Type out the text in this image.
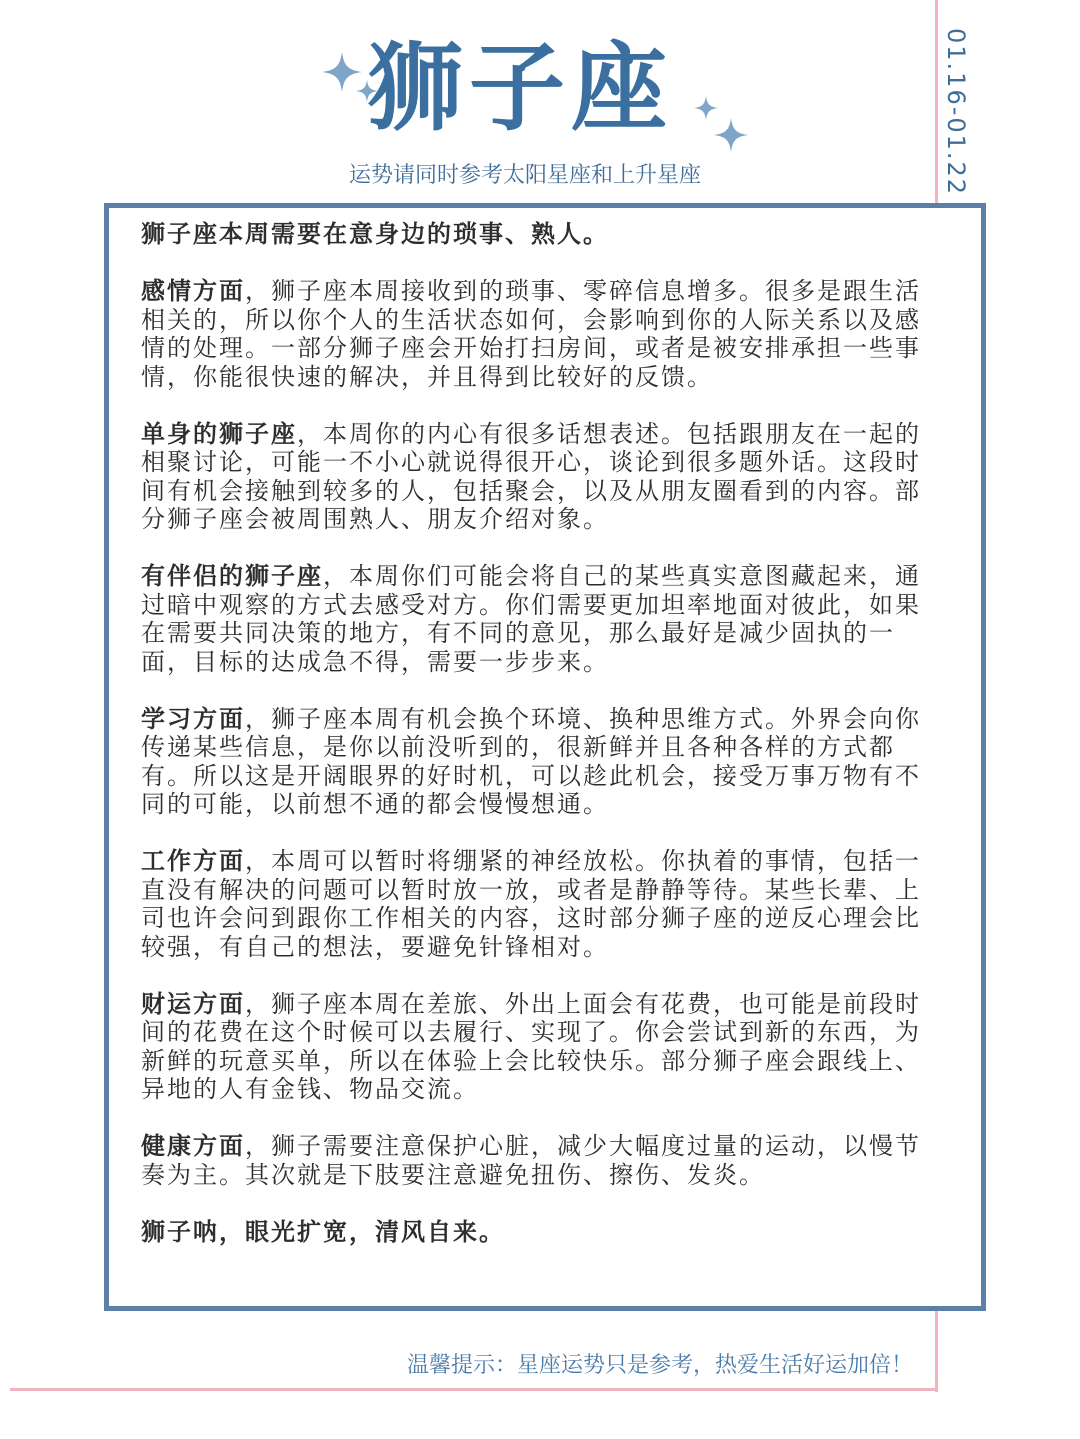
狮子座
运势请同时参考太阳星座和上升星座	01.16-01.22

狮子座本周需要在意身边的琐事、熟人。

感情方面，狮子座本周接收到的琐事、零碎信息增多。很多是跟生活相关的，所以你个人的生活状态如何，会影响到你的人际关系以及感情的处理。一部分狮子座会开始打扫房间，或者是被安排承担一些事情，你能很快速的解决，并且得到比较好的反馈。

单身的狮子座，本周你的内心有很多话想表述。包括跟朋友在一起的相聚讨论，可能一不小心就说得很开心，谈论到很多题外话。这段时间有机会接触到较多的人，包括聚会，以及从朋友圈看到的内容。部分狮子座会被周围熟人、朋友介绍对象。

有伴侣的狮子座，本周你们可能会将自己的某些真实意图藏起来，通过暗中观察的方式去感受对方。你们需要更加坦率地面对彼此，如果在需要共同决策的地方，有不同的意见，那么最好是减少固执的一面，目标的达成急不得，需要一步步来。

学习方面，狮子座本周有机会换个环境、换种思维方式。外界会向你传递某些信息，是你以前没听到的，很新鲜并且各种各样的方式都有。所以这是开阔眼界的好时机，可以趁此机会，接受万事万物有不同的可能，以前想不通的都会慢慢想通。

工作方面，本周可以暂时将绷紧的神经放松。你执着的事情，包括一直没有解决的问题可以暂时放一放，或者是静静等待。某些长辈、上司也许会问到跟你工作相关的内容，这时部分狮子座的逆反心理会比较强，有自己的想法，要避免针锋相对。

财运方面，狮子座本周在差旅、外出上面会有花费，也可能是前段时间的花费在这个时候可以去履行、实现了。你会尝试到新的东西，为新鲜的玩意买单，所以在体验上会比较快乐。部分狮子座会跟线上、异地的人有金钱、物品交流。

健康方面，狮子需要注意保护心脏，减少大幅度过量的运动，以慢节奏为主。其次就是下肢要注意避免扭伤、擦伤、发炎。

狮子呐，眼光扩宽，清风自来。

温馨提示：星座运势只是参考，热爱生活好运加倍！
